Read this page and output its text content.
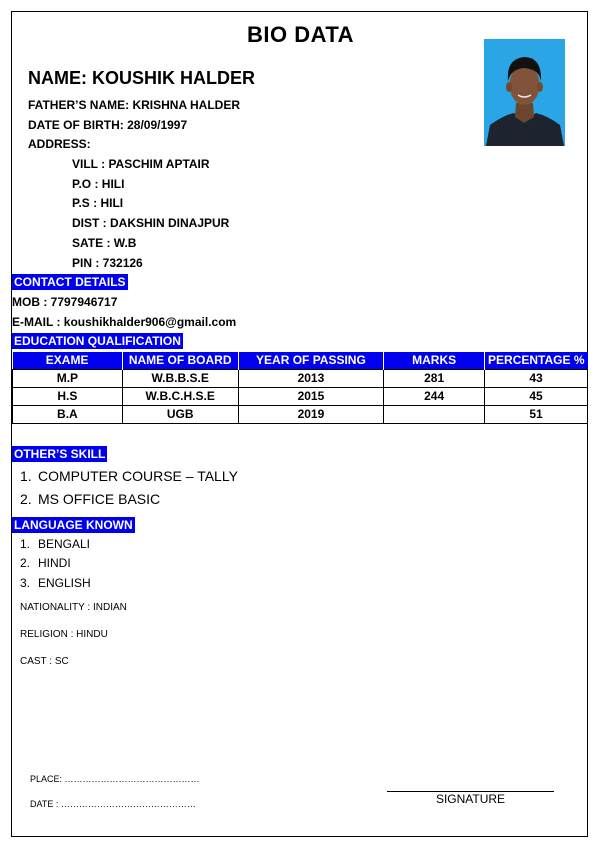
BIO DATA
NAME: KOUSHIK HALDER
FATHER’S NAME: KRISHNA HALDER
DATE OF BIRTH: 28/09/1997
ADDRESS:
VILL : PASCHIM APTAIR
P.O : HILI
P.S : HILI
DIST : DAKSHIN DINAJPUR
SATE : W.B
PIN : 732126
CONTACT DETAILS
MOB : 7797946717
E-MAIL : koushikhalder906@gmail.com
EDUCATION QUALIFICATION
EXAME	NAME OF BOARD	YEAR OF PASSING	MARKS	PERCENTAGE %
M.P	W.B.B.S.E	2013	281	43
H.S	W.B.C.H.S.E	2015	244	45
B.A	UGB	2019		51
OTHER’S SKILL
1. COMPUTER COURSE – TALLY
2. MS OFFICE BASIC
LANGUAGE KNOWN
1. BENGALI
2. HINDI
3. ENGLISH
NATIONALITY : INDIAN
RELIGION : HINDU
CAST : SC
PLACE: ………………………………………
DATE : ………………………………………	SIGNATURE
